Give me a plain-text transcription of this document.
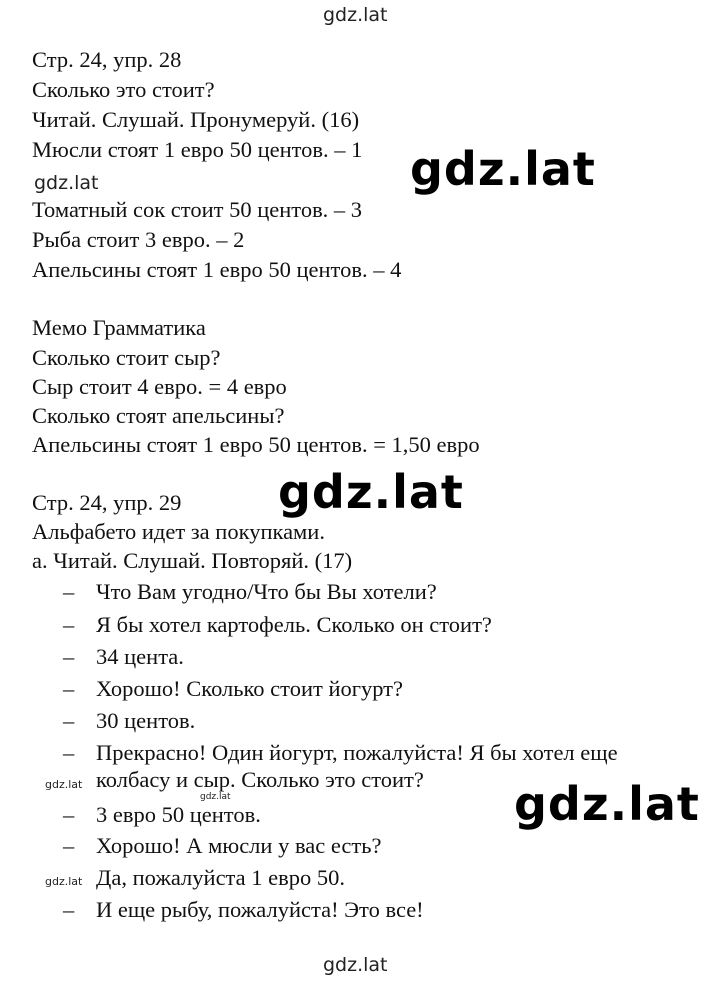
gdz.lat
gdz.lat
gdz.lat
gdz.lat
gdz.lat
gdz.lat
gdz.lat
gdz.lat
gdz.lat
Стр. 24, упр. 28
Сколько это стоит?
Читай. Слушай. Пронумеруй. (16)
Мюсли стоят 1 евро 50 центов. – 1
Томатный сок стоит 50 центов. – 3
Рыба стоит 3 евро. – 2
Апельсины стоят 1 евро 50 центов. – 4
Мемо Грамматика
Сколько стоит сыр?
Сыр стоит 4 евро. = 4 евро
Сколько стоят апельсины?
Апельсины стоят 1 евро 50 центов. = 1,50 евро
Стр. 24, упр. 29
Альфабето идет за покупками.
а. Читай. Слушай. Повторяй. (17)
– Что Вам угодно/Что бы Вы хотели?
– Я бы хотел картофель. Сколько он стоит?
– 34 цента.
– Хорошо! Сколько стоит йогурт?
– 30 центов.
– Прекрасно! Один йогурт, пожалуйста! Я бы хотел еще
колбасу и сыр. Сколько это стоит?
– 3 евро 50 центов.
– Хорошо! А мюсли у вас есть?
Да, пожалуйста 1 евро 50.
– И еще рыбу, пожалуйста! Это все!
